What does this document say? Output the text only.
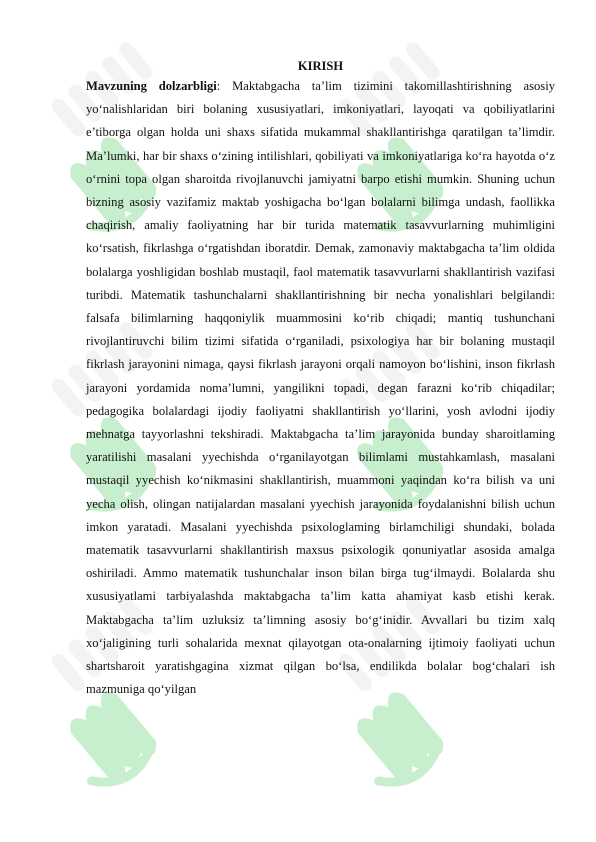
KIRISH

Mavzuning dolzarbligi: Maktabgacha ta’lim tizimini takomillashtirishning asosiy yo‘nalishlaridan biri bolaning xususiyatlari, imkoniyatlari, layoqati va qobiliyatlarini e’tiborga olgan holda uni shaxs sifatida mukammal shakllantirishga qaratilgan ta’limdir. Ma’lumki, har bir shaxs o‘zining intilishlari, qobiliyati va imkoniyatlariga ko‘ra hayotda o‘z o‘rnini topa olgan sharoitda rivojlanuvchi jamiyatni barpo etishi mumkin. Shuning uchun bizning asosiy vazifamiz maktab yoshigacha bo‘lgan bolalarni bilimga undash, faollikka chaqirish, amaliy faoliyatning har bir turida matematik tasavvurlarning muhimligini ko‘rsatish, fikrlashga o‘rgatishdan iboratdir. Demak, zamonaviy maktabgacha ta’lim oldida bolalarga yoshligidan boshlab mustaqil, faol matematik tasavvurlarni shakllantirish vazifasi turibdi. Matematik tashunchalarni shakllantirishning bir necha yonalishlari belgilandi: falsafa bilimlarning haqqoniylik muammosini ko‘rib chiqadi; mantiq tushunchani rivojlantiruvchi bilim tizimi sifatida o‘rganiladi, psixologiya har bir bolaning mustaqil fikrlash jarayonini nimaga, qaysi fikrlash jarayoni orqali namoyon bo‘lishini, inson fikrlash jarayoni yordamida noma’lumni, yangilikni topadi, degan farazni ko‘rib chiqadilar; pedagogika bolalardagi ijodiy faoliyatni shakllantirish yo‘llarini, yosh avlodni ijodiy mehnatga tayyorlashni tekshiradi. Maktabgacha ta’lim jarayonida bunday sharoitlaming yaratilishi masalani yyechishda o‘rganilayotgan bilimlami mustahkamlash, masalani mustaqil yyechish ko‘nikmasini shakllantirish, muammoni yaqindan ko‘ra bilish va uni yecha olish, olingan natijalardan masalani yyechish jarayonida foydalanishni bilish uchun imkon yaratadi. Masalani yyechishda psixologlaming birlamchiligi shundaki, bolada matematik tasavvurlarni shakllantirish maxsus psixologik qonuniyatlar asosida amalga oshiriladi. Ammo matematik tushunchalar inson bilan birga tug‘ilmaydi. Bolalarda shu xususiyatlami tarbiyalashda maktabgacha ta’lim katta ahamiyat kasb etishi kerak. Maktabgacha ta’lim uzluksiz ta’limning asosiy bo‘g‘inidir. Avvallari bu tizim xalq xo‘jaligining turli sohalarida mexnat qilayotgan ota-onalarning ijtimoiy faoliyati uchun shartsharoit yaratishgagina xizmat qilgan bo‘lsa, endilikda bolalar bog‘chalari ish mazmuniga qo‘yilgan
